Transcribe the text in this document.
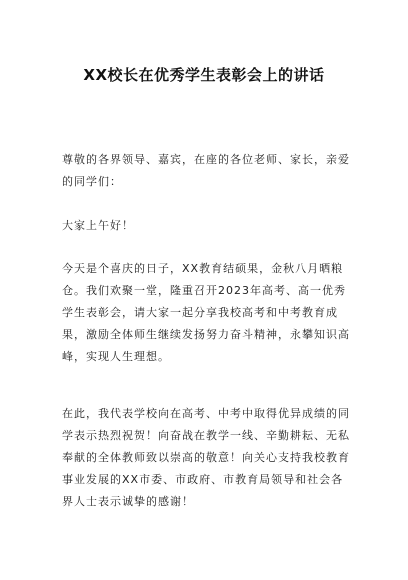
XX校长在优秀学生表彰会上的讲话
尊敬的各界领导、嘉宾，在座的各位老师、家长，亲爱的同学们：
大家上午好！
今天是个喜庆的日子，XX教育结硕果，金秋八月晒粮仓。我们欢聚一堂，隆重召开2023年高考、高一优秀学生表彰会，请大家一起分享我校高考和中考教育成果，激励全体师生继续发扬努力奋斗精神，永攀知识高峰，实现人生理想。
在此，我代表学校向在高考、中考中取得优异成绩的同学表示热烈祝贺！向奋战在教学一线、辛勤耕耘、无私奉献的全体教师致以崇高的敬意！向关心支持我校教育事业发展的XX市委、市政府、市教育局领导和社会各界人士表示诚挚的感谢！
